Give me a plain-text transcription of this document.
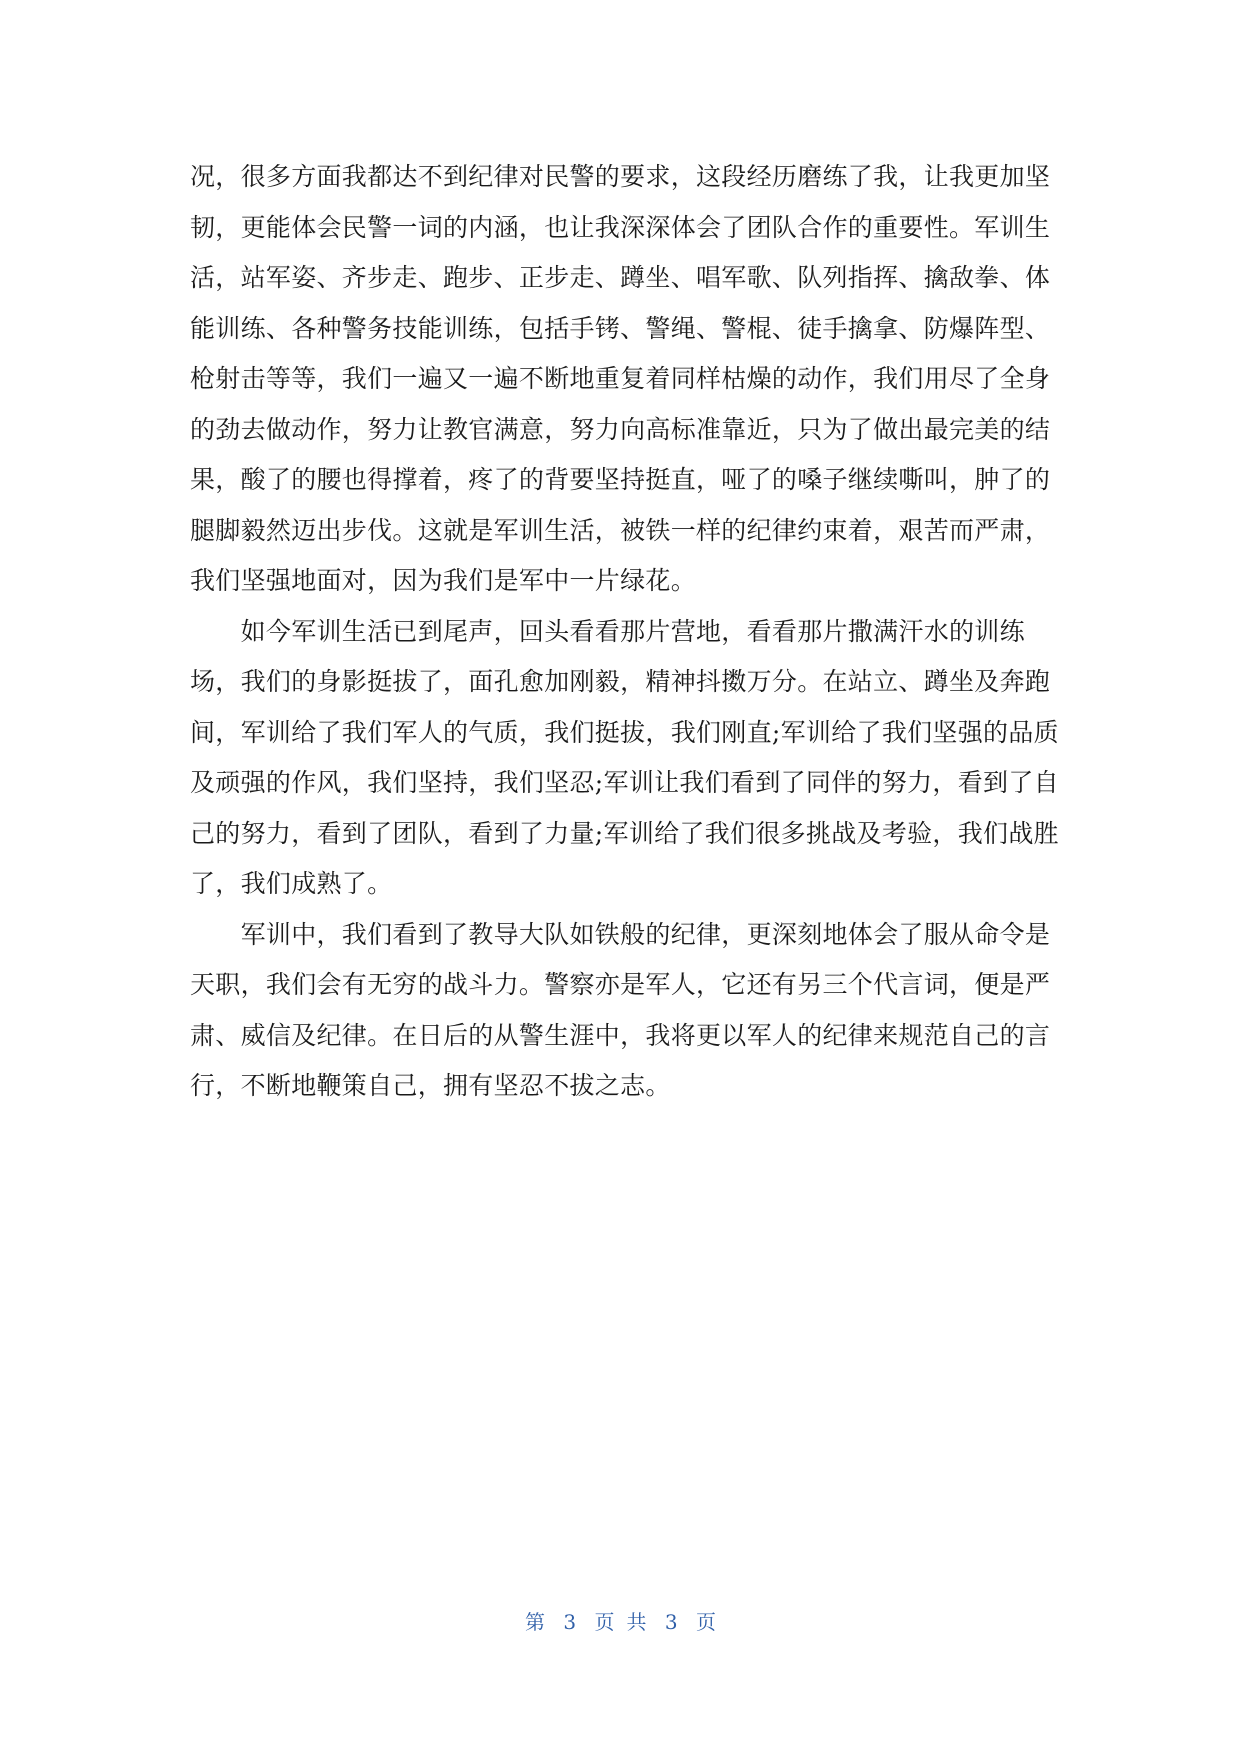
况，很多方面我都达不到纪律对民警的要求，这段经历磨练了我，让我更加坚
韧，更能体会民警一词的内涵，也让我深深体会了团队合作的重要性。军训生
活，站军姿、齐步走、跑步、正步走、蹲坐、唱军歌、队列指挥、擒敌拳、体
能训练、各种警务技能训练，包括手铐、警绳、警棍、徒手擒拿、防爆阵型、
枪射击等等，我们一遍又一遍不断地重复着同样枯燥的动作，我们用尽了全身
的劲去做动作，努力让教官满意，努力向高标准靠近，只为了做出最完美的结
果，酸了的腰也得撑着，疼了的背要坚持挺直，哑了的嗓子继续嘶叫，肿了的
腿脚毅然迈出步伐。这就是军训生活，被铁一样的纪律约束着，艰苦而严肃，
我们坚强地面对，因为我们是军中一片绿花。
　　如今军训生活已到尾声，回头看看那片营地，看看那片撒满汗水的训练
场，我们的身影挺拔了，面孔愈加刚毅，精神抖擞万分。在站立、蹲坐及奔跑
间，军训给了我们军人的气质，我们挺拔，我们刚直;军训给了我们坚强的品质
及顽强的作风，我们坚持，我们坚忍;军训让我们看到了同伴的努力，看到了自
己的努力，看到了团队，看到了力量;军训给了我们很多挑战及考验，我们战胜
了，我们成熟了。
　　军训中，我们看到了教导大队如铁般的纪律，更深刻地体会了服从命令是
天职，我们会有无穷的战斗力。警察亦是军人，它还有另三个代言词，便是严
肃、威信及纪律。在日后的从警生涯中，我将更以军人的纪律来规范自己的言
行，不断地鞭策自己，拥有坚忍不拔之志。
第 3 页 共 3 页
